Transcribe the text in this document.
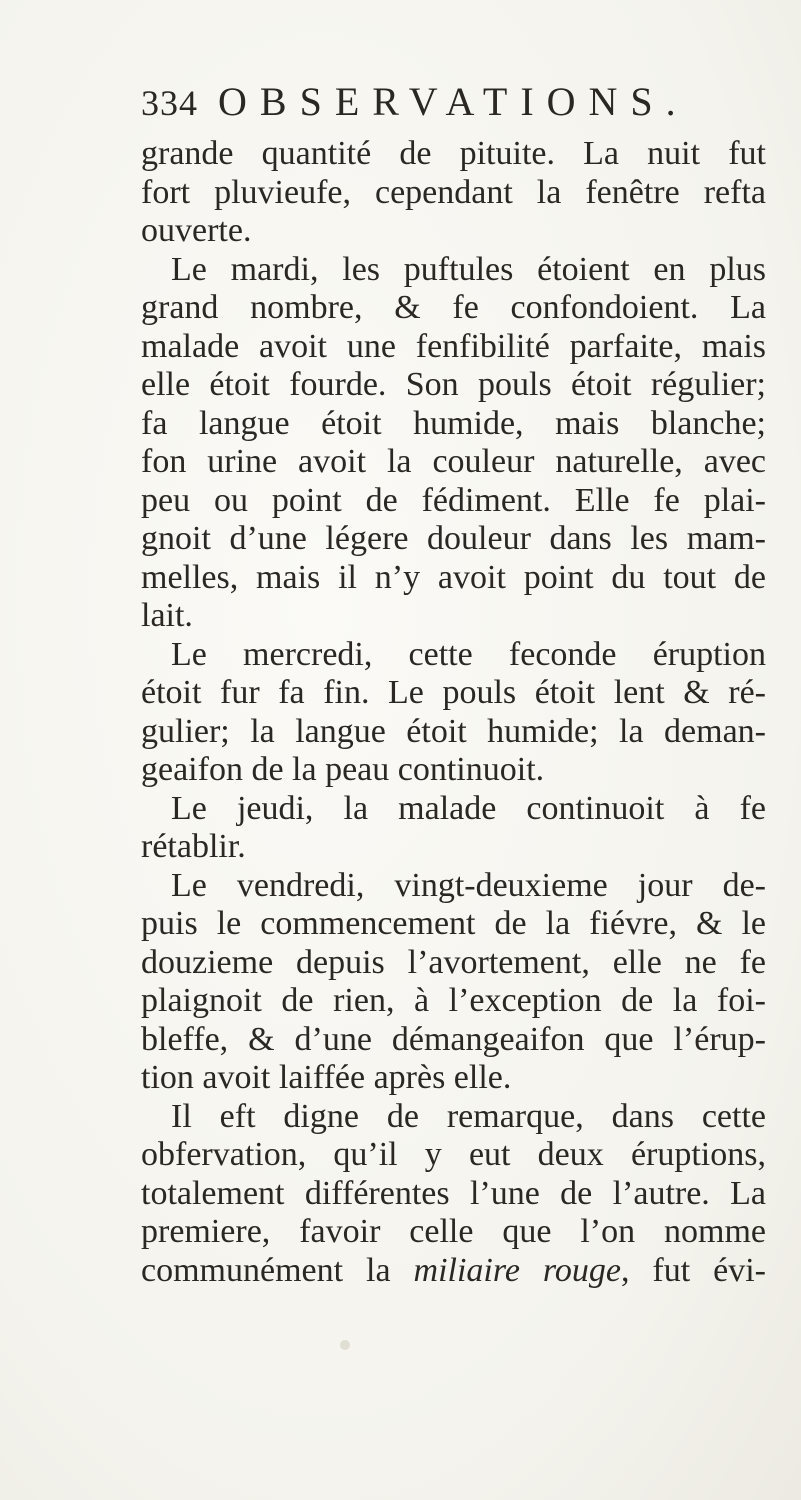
334 OBSERVATIONS.
grande quantité de pituite. La nuit fut
fort pluvieufe, cependant la fenêtre refta
ouverte.
Le mardi, les puftules étoient en plus
grand nombre, & fe confondoient. La
malade avoit une fenfibilité parfaite, mais
elle étoit fourde. Son pouls étoit régulier;
fa langue étoit humide, mais blanche;
fon urine avoit la couleur naturelle, avec
peu ou point de fédiment. Elle fe plai-
gnoit d’une légere douleur dans les mam-
melles, mais il n’y avoit point du tout de
lait.
Le mercredi, cette feconde éruption
étoit fur fa fin. Le pouls étoit lent & ré-
gulier; la langue étoit humide; la deman-
geaifon de la peau continuoit.
Le jeudi, la malade continuoit à fe
rétablir.
Le vendredi, vingt-deuxieme jour de-
puis le commencement de la fiévre, & le
douzieme depuis l’avortement, elle ne fe
plaignoit de rien, à l’exception de la foi-
bleffe, & d’une démangeaifon que l’érup-
tion avoit laiffée après elle.
Il eft digne de remarque, dans cette
obfervation, qu’il y eut deux éruptions,
totalement différentes l’une de l’autre. La
premiere, favoir celle que l’on nomme
communément la miliaire rouge, fut évi-
